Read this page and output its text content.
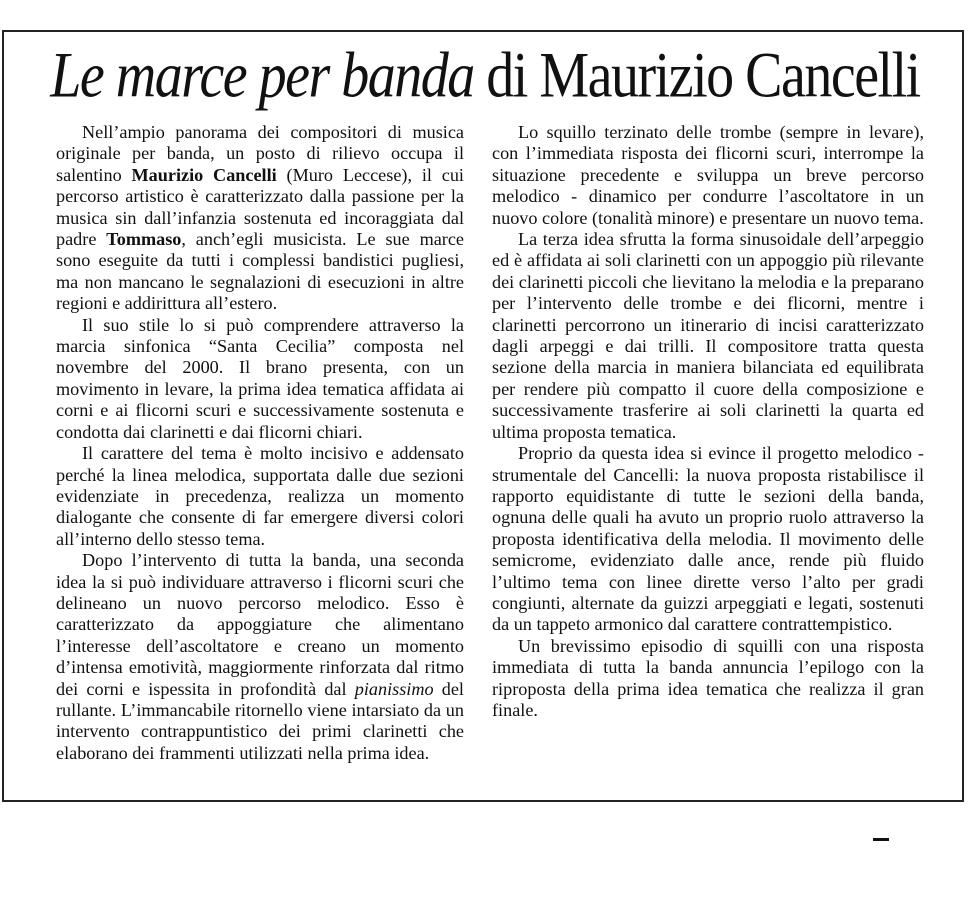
Le marce per banda di Maurizio Cancelli

Nell’ampio panorama dei compositori di musica originale per banda, un posto di rilievo occupa il salentino Maurizio Cancelli (Muro Leccese), il cui percorso artistico è caratterizzato dalla passione per la musica sin dall’infanzia sostenuta ed incoraggiata dal padre Tommaso, anch’egli musicista. Le sue marce sono eseguite da tutti i complessi bandistici pugliesi, ma non mancano le segnalazioni di esecuzioni in altre regioni e addirittura all’estero.

Il suo stile lo si può comprendere attraverso la marcia sinfonica “Santa Cecilia” composta nel novembre del 2000. Il brano presenta, con un movimento in levare, la prima idea tematica affidata ai corni e ai flicorni scuri e successivamente sostenuta e condotta dai clarinetti e dai flicorni chiari.

Il carattere del tema è molto incisivo e addensato perché la linea melodica, supportata dalle due sezioni evidenziate in precedenza, realizza un momento dialogante che consente di far emergere diversi colori all’interno dello stesso tema.

Dopo l’intervento di tutta la banda, una seconda idea la si può individuare attraverso i flicorni scuri che delineano un nuovo percorso melodico. Esso è caratterizzato da appoggiature che alimentano l’interesse dell’ascoltatore e creano un momento d’intensa emotività, maggiormente rinforzata dal ritmo dei corni e ispessita in profondità dal pianissimo del rullante. L’immancabile ritornello viene intarsiato da un intervento contrappuntistico dei primi clarinetti che elaborano dei frammenti utilizzati nella prima idea.

Lo squillo terzinato delle trombe (sempre in levare), con l’immediata risposta dei flicorni scuri, interrompe la situazione precedente e sviluppa un breve percorso melodico - dinamico per condurre l’ascoltatore in un nuovo colore (tonalità minore) e presentare un nuovo tema.

La terza idea sfrutta la forma sinusoidale dell’arpeggio ed è affidata ai soli clarinetti con un appoggio più rilevante dei clarinetti piccoli che lievitano la melodia e la preparano per l’intervento delle trombe e dei flicorni, mentre i clarinetti percorrono un itinerario di incisi caratterizzato dagli arpeggi e dai trilli. Il compositore tratta questa sezione della marcia in maniera bilanciata ed equilibrata per rendere più compatto il cuore della composizione e successivamente trasferire ai soli clarinetti la quarta ed ultima proposta tematica.

Proprio da questa idea si evince il progetto melodico - strumentale del Cancelli: la nuova proposta ristabilisce il rapporto equidistante di tutte le sezioni della banda, ognuna delle quali ha avuto un proprio ruolo attraverso la proposta identificativa della melodia. Il movimento delle semicrome, evidenziato dalle ance, rende più fluido l’ultimo tema con linee dirette verso l’alto per gradi congiunti, alternate da guizzi arpeggiati e legati, sostenuti da un tappeto armonico dal carattere contrattempistico.

Un brevissimo episodio di squilli con una risposta immediata di tutta la banda annuncia l’epilogo con la riproposta della prima idea tematica che realizza il gran finale.
